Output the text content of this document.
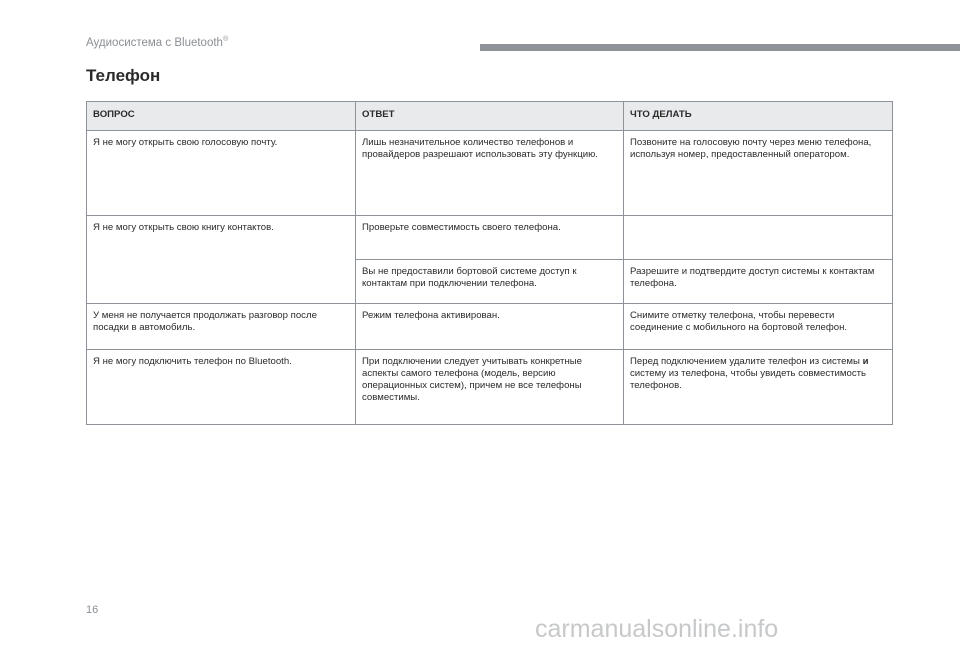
Аудиосистема с Bluetooth®
Телефон
ВОПРОС	ОТВЕТ	ЧТО ДЕЛАТЬ
Я не могу открыть свою голосовую почту.	Лишь незначительное количество телефонов и провайдеров разрешают использовать эту функцию.	Позвоните на голосовую почту через меню телефона, используя номер, предоставленный оператором.
Я не могу открыть свою книгу контактов.	Проверьте совместимость своего телефона.	
	Вы не предоставили бортовой системе доступ к контактам при подключении телефона.	Разрешите и подтвердите доступ системы к контактам телефона.
У меня не получается продолжать разговор после посадки в автомобиль.	Режим телефона активирован.	Снимите отметку телефона, чтобы перевести соединение с мобильного на бортовой телефон.
Я не могу подключить телефон по Bluetooth.	При подключении следует учитывать конкретные аспекты самого телефона (модель, версию операционных систем), причем не все телефоны совместимы.	Перед подключением удалите телефон из системы и систему из телефона, чтобы увидеть совместимость телефонов.
16
carmanualsonline.info
